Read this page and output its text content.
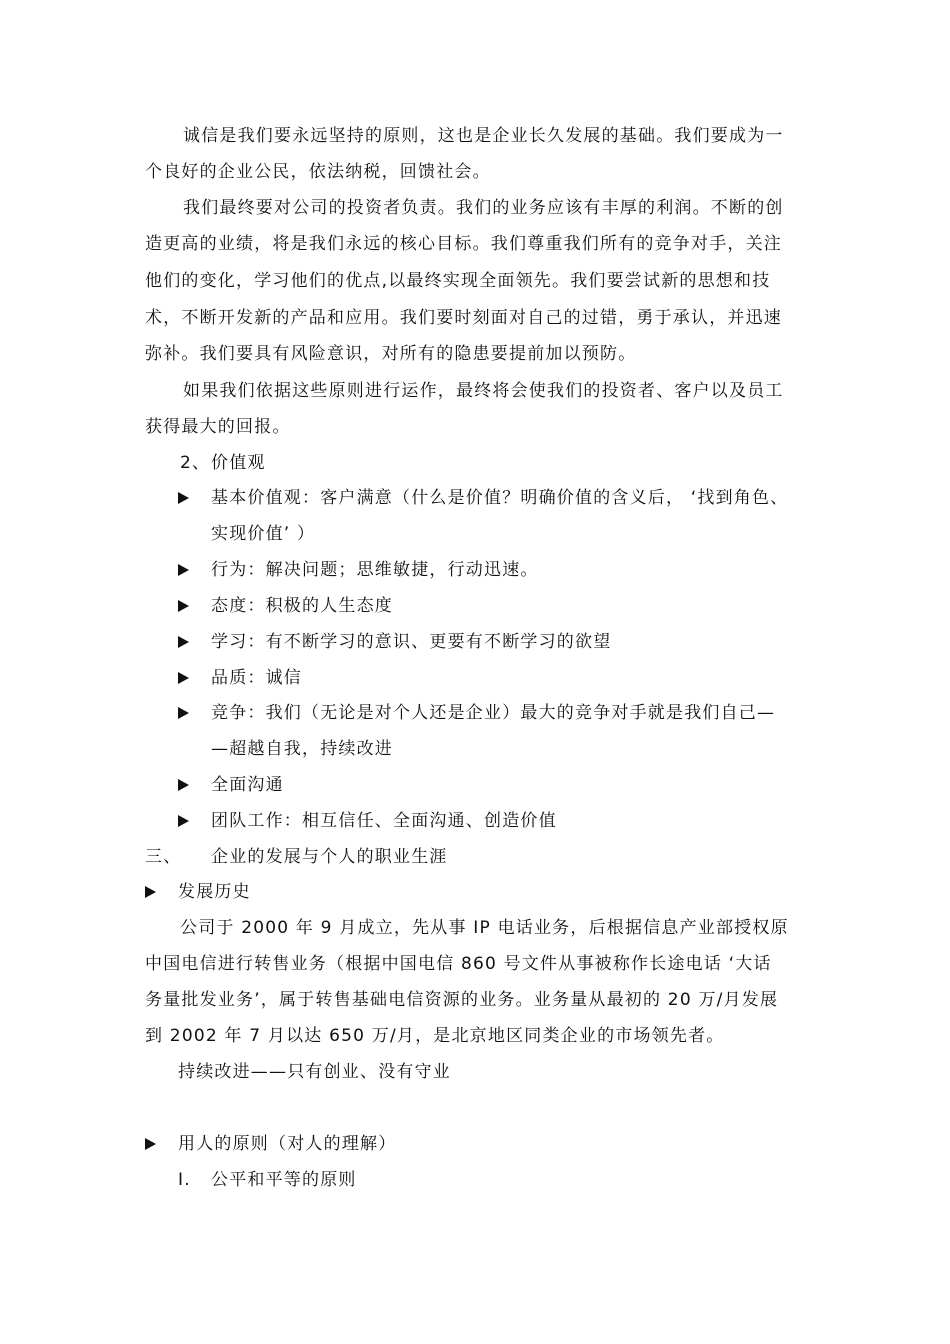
诚信是我们要永远坚持的原则，这也是企业长久发展的基础。我们要成为一
个良好的企业公民，依法纳税，回馈社会。
我们最终要对公司的投资者负责。我们的业务应该有丰厚的利润。不断的创
造更高的业绩，将是我们永远的核心目标。我们尊重我们所有的竞争对手，关注
他们的变化，学习他们的优点,以最终实现全面领先。我们要尝试新的思想和技
术，不断开发新的产品和应用。我们要时刻面对自己的过错，勇于承认，并迅速
弥补。我们要具有风险意识，对所有的隐患要提前加以预防。
如果我们依据这些原则进行运作，最终将会使我们的投资者、客户以及员工
获得最大的回报。
2、 价值观
基本价值观：客户满意（什么是价值？明确价值的含义后， ‘找到角色、
实现价值’ ）
行为：解决问题；思维敏捷，行动迅速。
态度：积极的人生态度
学习：有不断学习的意识、更要有不断学习的欲望
品质：诚信
竞争：我们（无论是对个人还是企业）最大的竞争对手就是我们自己—
—超越自我，持续改进
全面沟通
团队工作：相互信任、全面沟通、创造价值
三、 企业的发展与个人的职业生涯
发展历史
公司于 2000 年 9 月成立，先从事 IP 电话业务，后根据信息产业部授权原
中国电信进行转售业务（根据中国电信 860 号文件从事被称作长途电话 ‘大话
务量批发业务’，属于转售基础电信资源的业务。业务量从最初的 20 万/月发展
到 2002 年 7 月以达 650 万/月，是北京地区同类企业的市场领先者。
持续改进——只有创业、没有守业
用人的原则（对人的理解）
I. 公平和平等的原则
